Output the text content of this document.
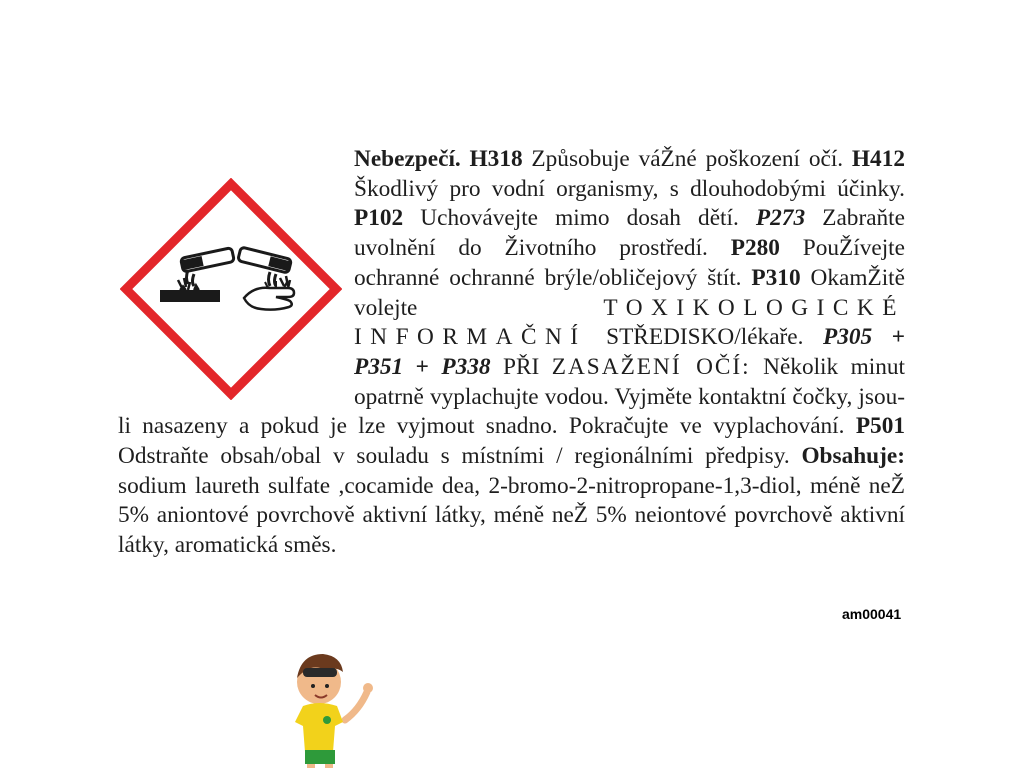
Nebezpečí. H318 Způsobuje váŽné poškození očí. H412 Škodlivý pro vodní organismy, s dlouhodobými účinky. P102 Uchovávejte mimo dosah dětí. P273 Zabraňte uvolnění do Životního prostředí. P280 PouŽívejte ochranné ochranné brýle/obličejový štít. P310 OkamŽitě volejte	TOXIKOLOGICKÉ INFORMAČNÍ STŘEDISKO/lékaře. P305 + P351 + P338 PŘI ZASAŽENÍ OČÍ: Několik minut opatrně vyplachujte vodou. Vyjměte kontaktní čočky, jsou-li nasazeny a pokud je lze vyjmout snadno. Pokračujte ve vyplachování. P501 Odstraňte obsah/obal v souladu s místními / regionálními předpisy. Obsahuje: sodium laureth sulfate ,cocamide dea, 2-bromo-2-nitropropane-1,3-diol, méně neŽ 5% aniontové povrchově aktivní látky, méně neŽ 5% neiontové povrchově aktivní látky, aromatická směs.
am00041
